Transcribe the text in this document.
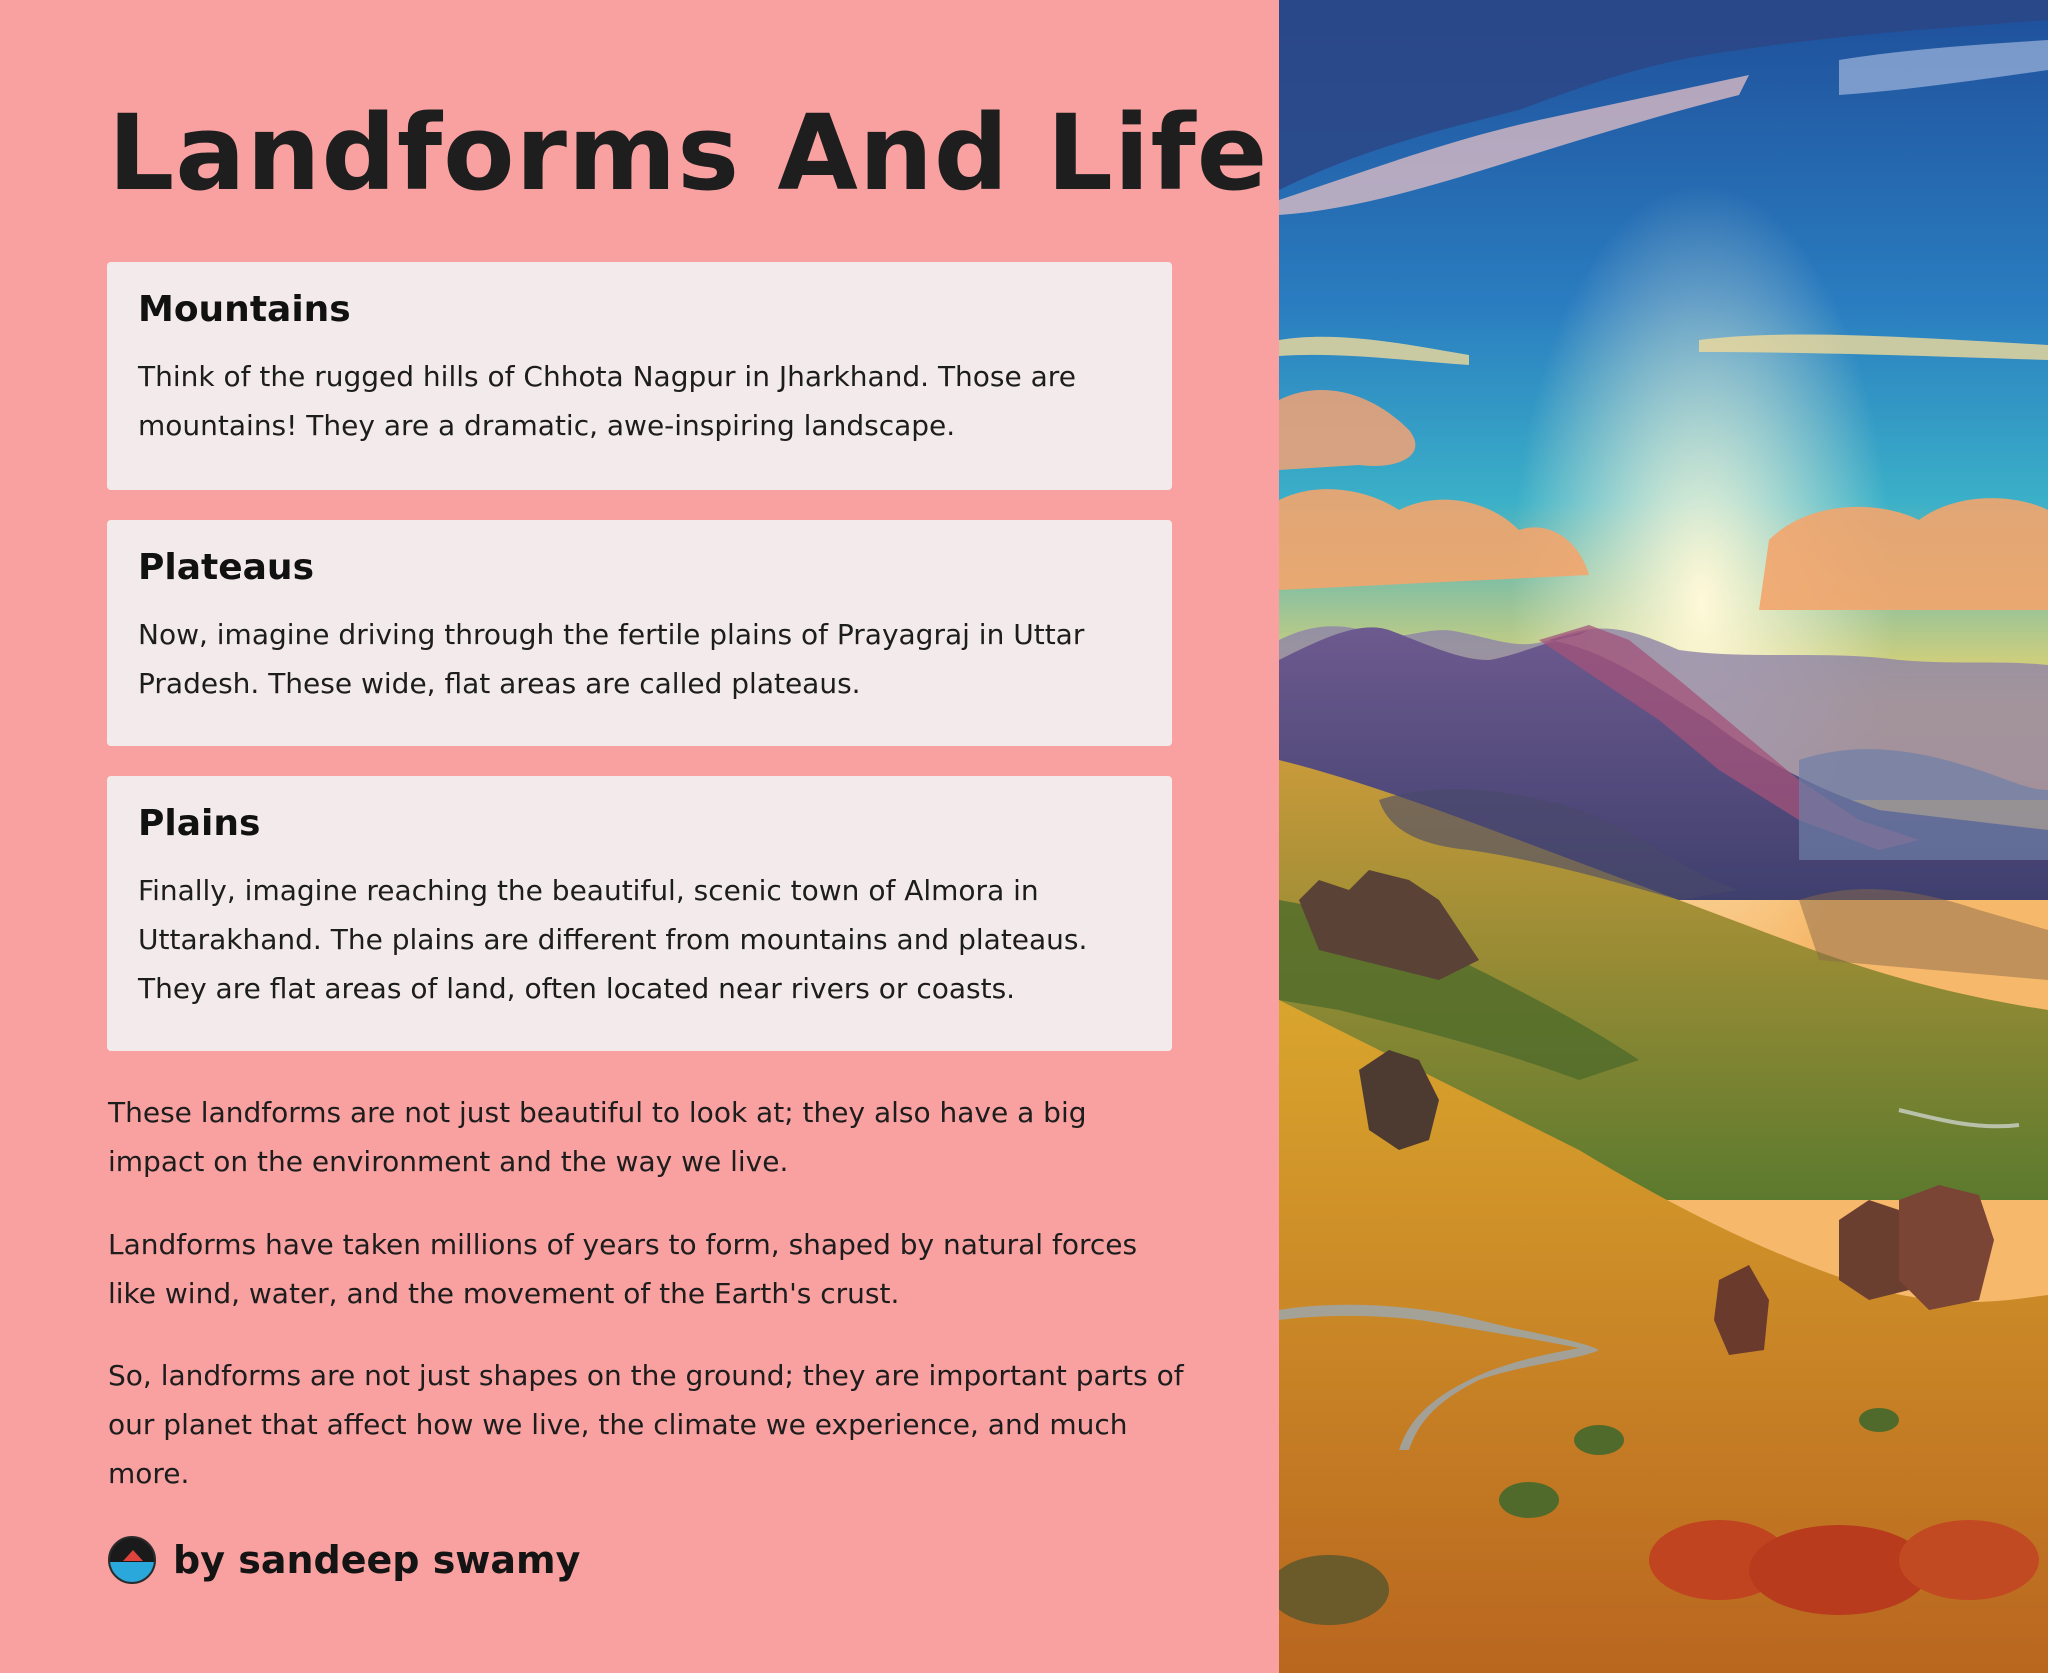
Landforms And Life
Mountains

Think of the rugged hills of Chhota Nagpur in Jharkhand. Those are mountains! They are a dramatic, awe-inspiring landscape.

Plateaus

Now, imagine driving through the fertile plains of Prayagraj in Uttar Pradesh. These wide, flat areas are called plateaus.

Plains

Finally, imagine reaching the beautiful, scenic town of Almora in Uttarakhand. The plains are different from mountains and plateaus. They are flat areas of land, often located near rivers or coasts.

These landforms are not just beautiful to look at; they also have a big impact on the environment and the way we live.

Landforms have taken millions of years to form, shaped by natural forces like wind, water, and the movement of the Earth's crust.

So, landforms are not just shapes on the ground; they are important parts of our planet that affect how we live, the climate we experience, and much more.

by sandeep swamy
